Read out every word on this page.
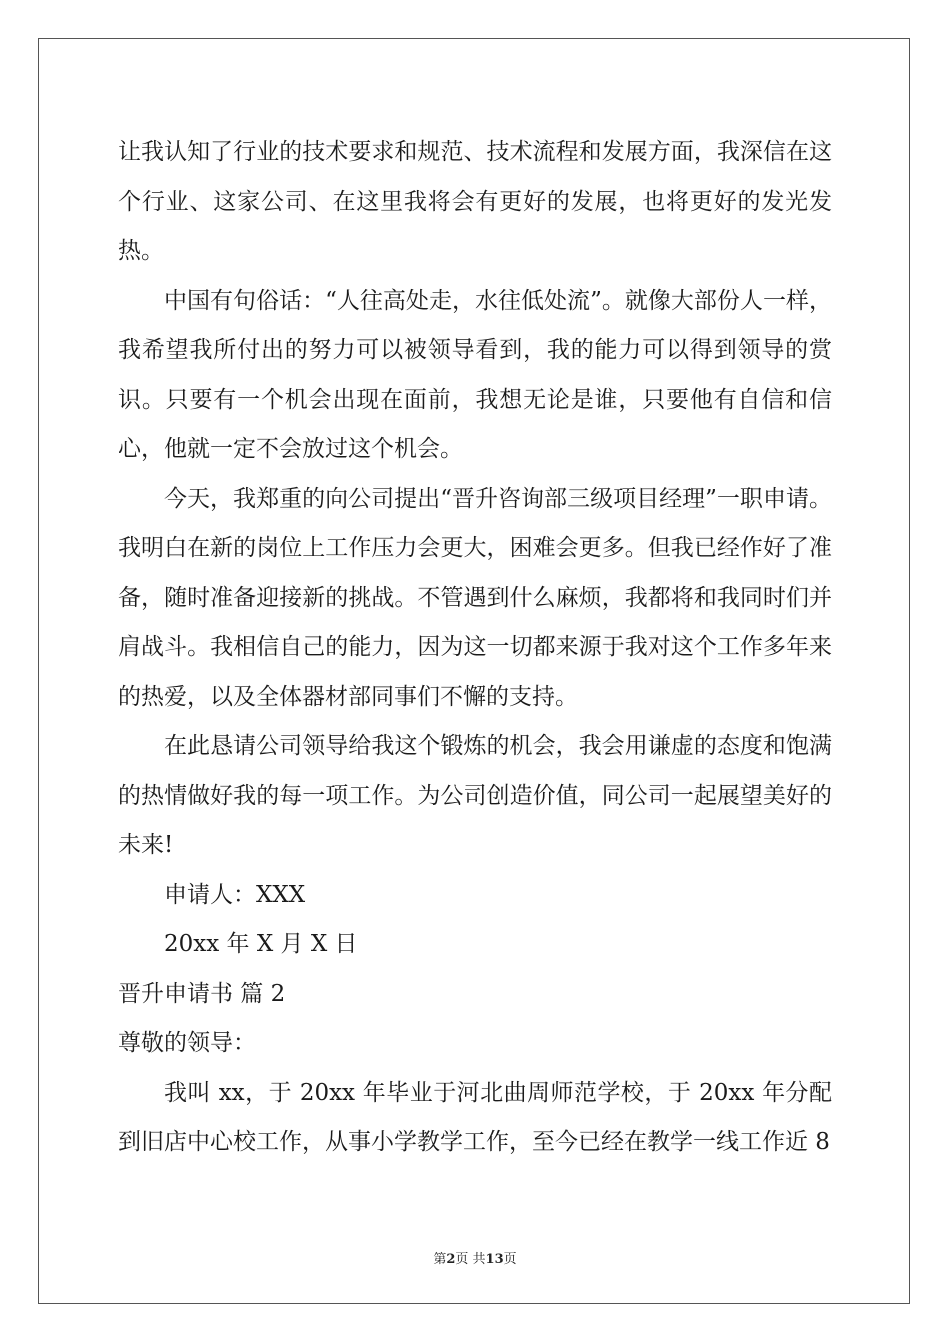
让我认知了行业的技术要求和规范、技术流程和发展方面，我深信在这个行业、这家公司、在这里我将会有更好的发展，也将更好的发光发热。

中国有句俗话：“人往高处走，水往低处流”。就像大部份人一样，我希望我所付出的努力可以被领导看到，我的能力可以得到领导的赏识。只要有一个机会出现在面前，我想无论是谁，只要他有自信和信心，他就一定不会放过这个机会。

今天，我郑重的向公司提出“晋升咨询部三级项目经理”一职申请。我明白在新的岗位上工作压力会更大，困难会更多。但我已经作好了准备，随时准备迎接新的挑战。不管遇到什么麻烦，我都将和我同时们并肩战斗。我相信自己的能力，因为这一切都来源于我对这个工作多年来的热爱，以及全体器材部同事们不懈的支持。

在此恳请公司领导给我这个锻炼的机会，我会用谦虚的态度和饱满的热情做好我的每一项工作。为公司创造价值，同公司一起展望美好的未来!

申请人：XXX

20xx 年 X 月 X 日

晋升申请书 篇 2

尊敬的领导：

我叫 xx，于 20xx 年毕业于河北曲周师范学校，于 20xx 年分配到旧店中心校工作，从事小学教学工作，至今已经在教学一线工作近 8

第2页 共13页
